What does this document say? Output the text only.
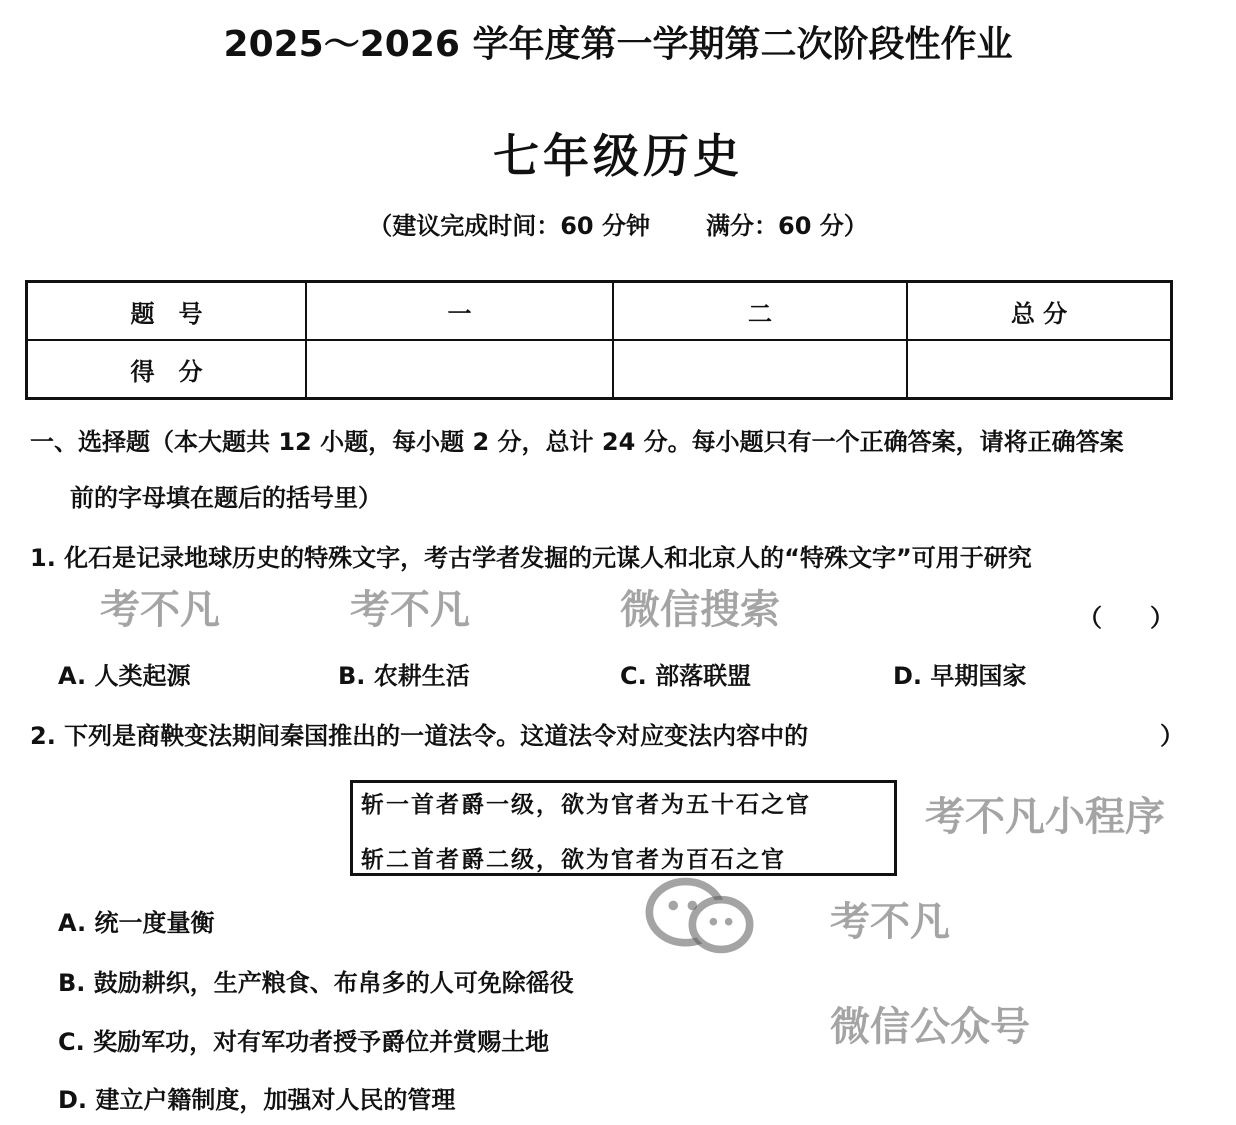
2025～2026 学年度第一学期第二次阶段性作业
七年级历史
（建议完成时间：60 分钟 满分：60 分）
题　号	一	二	总 分
得　分			
一、选择题（本大题共 12 小题，每小题 2 分，总计 24 分。每小题只有一个正确答案，请将正确答案
前的字母填在题后的括号里）
1. 化石是记录地球历史的特殊文字，考古学者发掘的元谋人和北京人的“特殊文字”可用于研究
（　　）
A. 人类起源	B. 农耕生活	C. 部落联盟	D. 早期国家
2. 下列是商鞅变法期间秦国推出的一道法令。这道法令对应变法内容中的	）
斩一首者爵一级，欲为官者为五十石之官
斩二首者爵二级，欲为官者为百石之官
A. 统一度量衡
B. 鼓励耕织，生产粮食、布帛多的人可免除徭役
C. 奖励军功，对有军功者授予爵位并赏赐土地
D. 建立户籍制度，加强对人民的管理
考不凡	考不凡	微信搜索
考不凡小程序
考不凡
微信公众号
